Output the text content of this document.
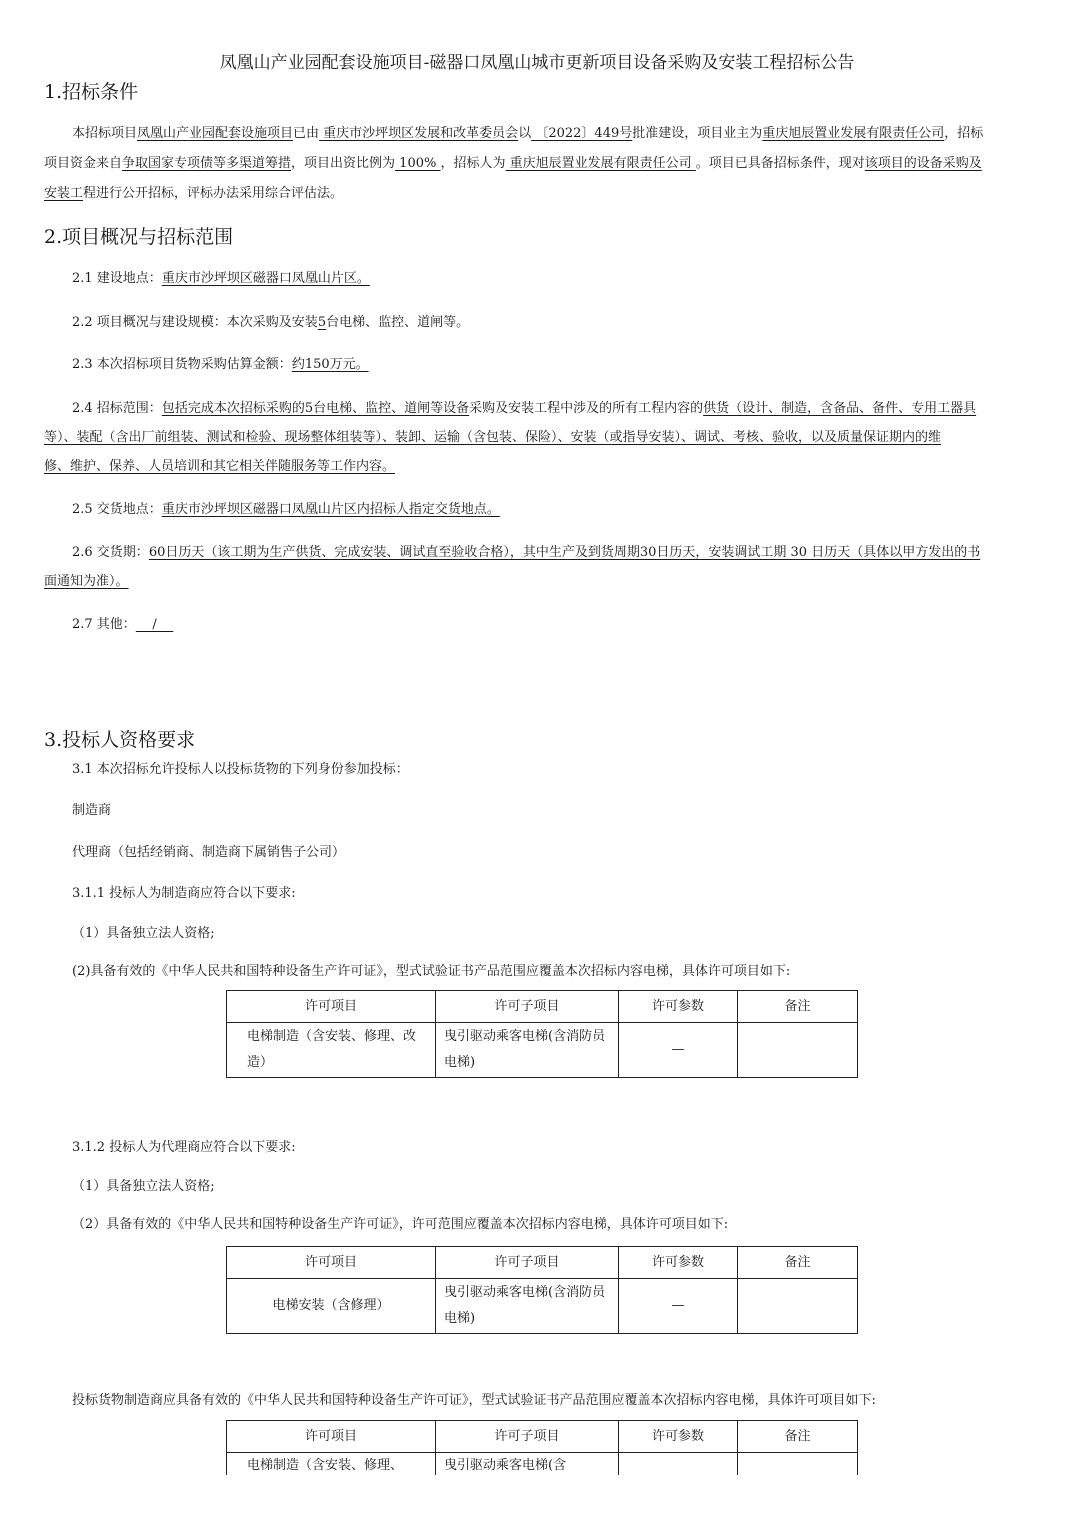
凤凰山产业园配套设施项目-磁器口凤凰山城市更新项目设备采购及安装工程招标公告
1.招标条件
本招标项目凤凰山产业园配套设施项目已由 重庆市沙坪坝区发展和改革委员会以 〔2022〕449号批准建设，项目业主为重庆旭辰置业发展有限责任公司，招标
项目资金来自争取国家专项债等多渠道筹措，项目出资比例为 100% ，招标人为 重庆旭辰置业发展有限责任公司 。项目已具备招标条件，现对该项目的设备采购及
安装工程进行公开招标，评标办法采用综合评估法。
2.项目概况与招标范围
2.1 建设地点：重庆市沙坪坝区磁器口凤凰山片区。
2.2 项目概况与建设规模：本次采购及安装5台电梯、监控、道闸等。
2.3 本次招标项目货物采购估算金额：约150万元。
2.4 招标范围：包括完成本次招标采购的5台电梯、监控、道闸等设备采购及安装工程中涉及的所有工程内容的供货（设计、制造，含备品、备件、专用工器具
等）、装配（含出厂前组装、测试和检验、现场整体组装等）、装卸、运输（含包装、保险）、安装（或指导安装）、调试、考核、验收，以及质量保证期内的维
修、维护、保养、人员培训和其它相关伴随服务等工作内容。
2.5 交货地点：重庆市沙坪坝区磁器口凤凰山片区内招标人指定交货地点。
2.6 交货期：60日历天（该工期为生产供货、完成安装、调试直至验收合格），其中生产及到货周期30日历天，安装调试工期 30 日历天（具体以甲方发出的书
面通知为准）。
2.7 其他：    /
3.投标人资格要求
3.1 本次招标允许投标人以投标货物的下列身份参加投标：
制造商
代理商（包括经销商、制造商下属销售子公司）
3.1.1 投标人为制造商应符合以下要求:
（1）具备独立法人资格;
(2)具备有效的《中华人民共和国特种设备生产许可证》，型式试验证书产品范围应覆盖本次招标内容电梯，具体许可项目如下:
许可项目	许可子项目	许可参数	备注
电梯制造（含安装、修理、改造）	曳引驱动乘客电梯(含消防员电梯)	—	
3.1.2 投标人为代理商应符合以下要求:
（1）具备独立法人资格;
（2）具备有效的《中华人民共和国特种设备生产许可证》，许可范围应覆盖本次招标内容电梯，具体许可项目如下:
许可项目	许可子项目	许可参数	备注
电梯安装（含修理）	曳引驱动乘客电梯(含消防员电梯)	—	
投标货物制造商应具备有效的《中华人民共和国特种设备生产许可证》，型式试验证书产品范围应覆盖本次招标内容电梯，具体许可项目如下:
许可项目	许可子项目	许可参数	备注
电梯制造（含安装、修理、	曳引驱动乘客电梯(含		
